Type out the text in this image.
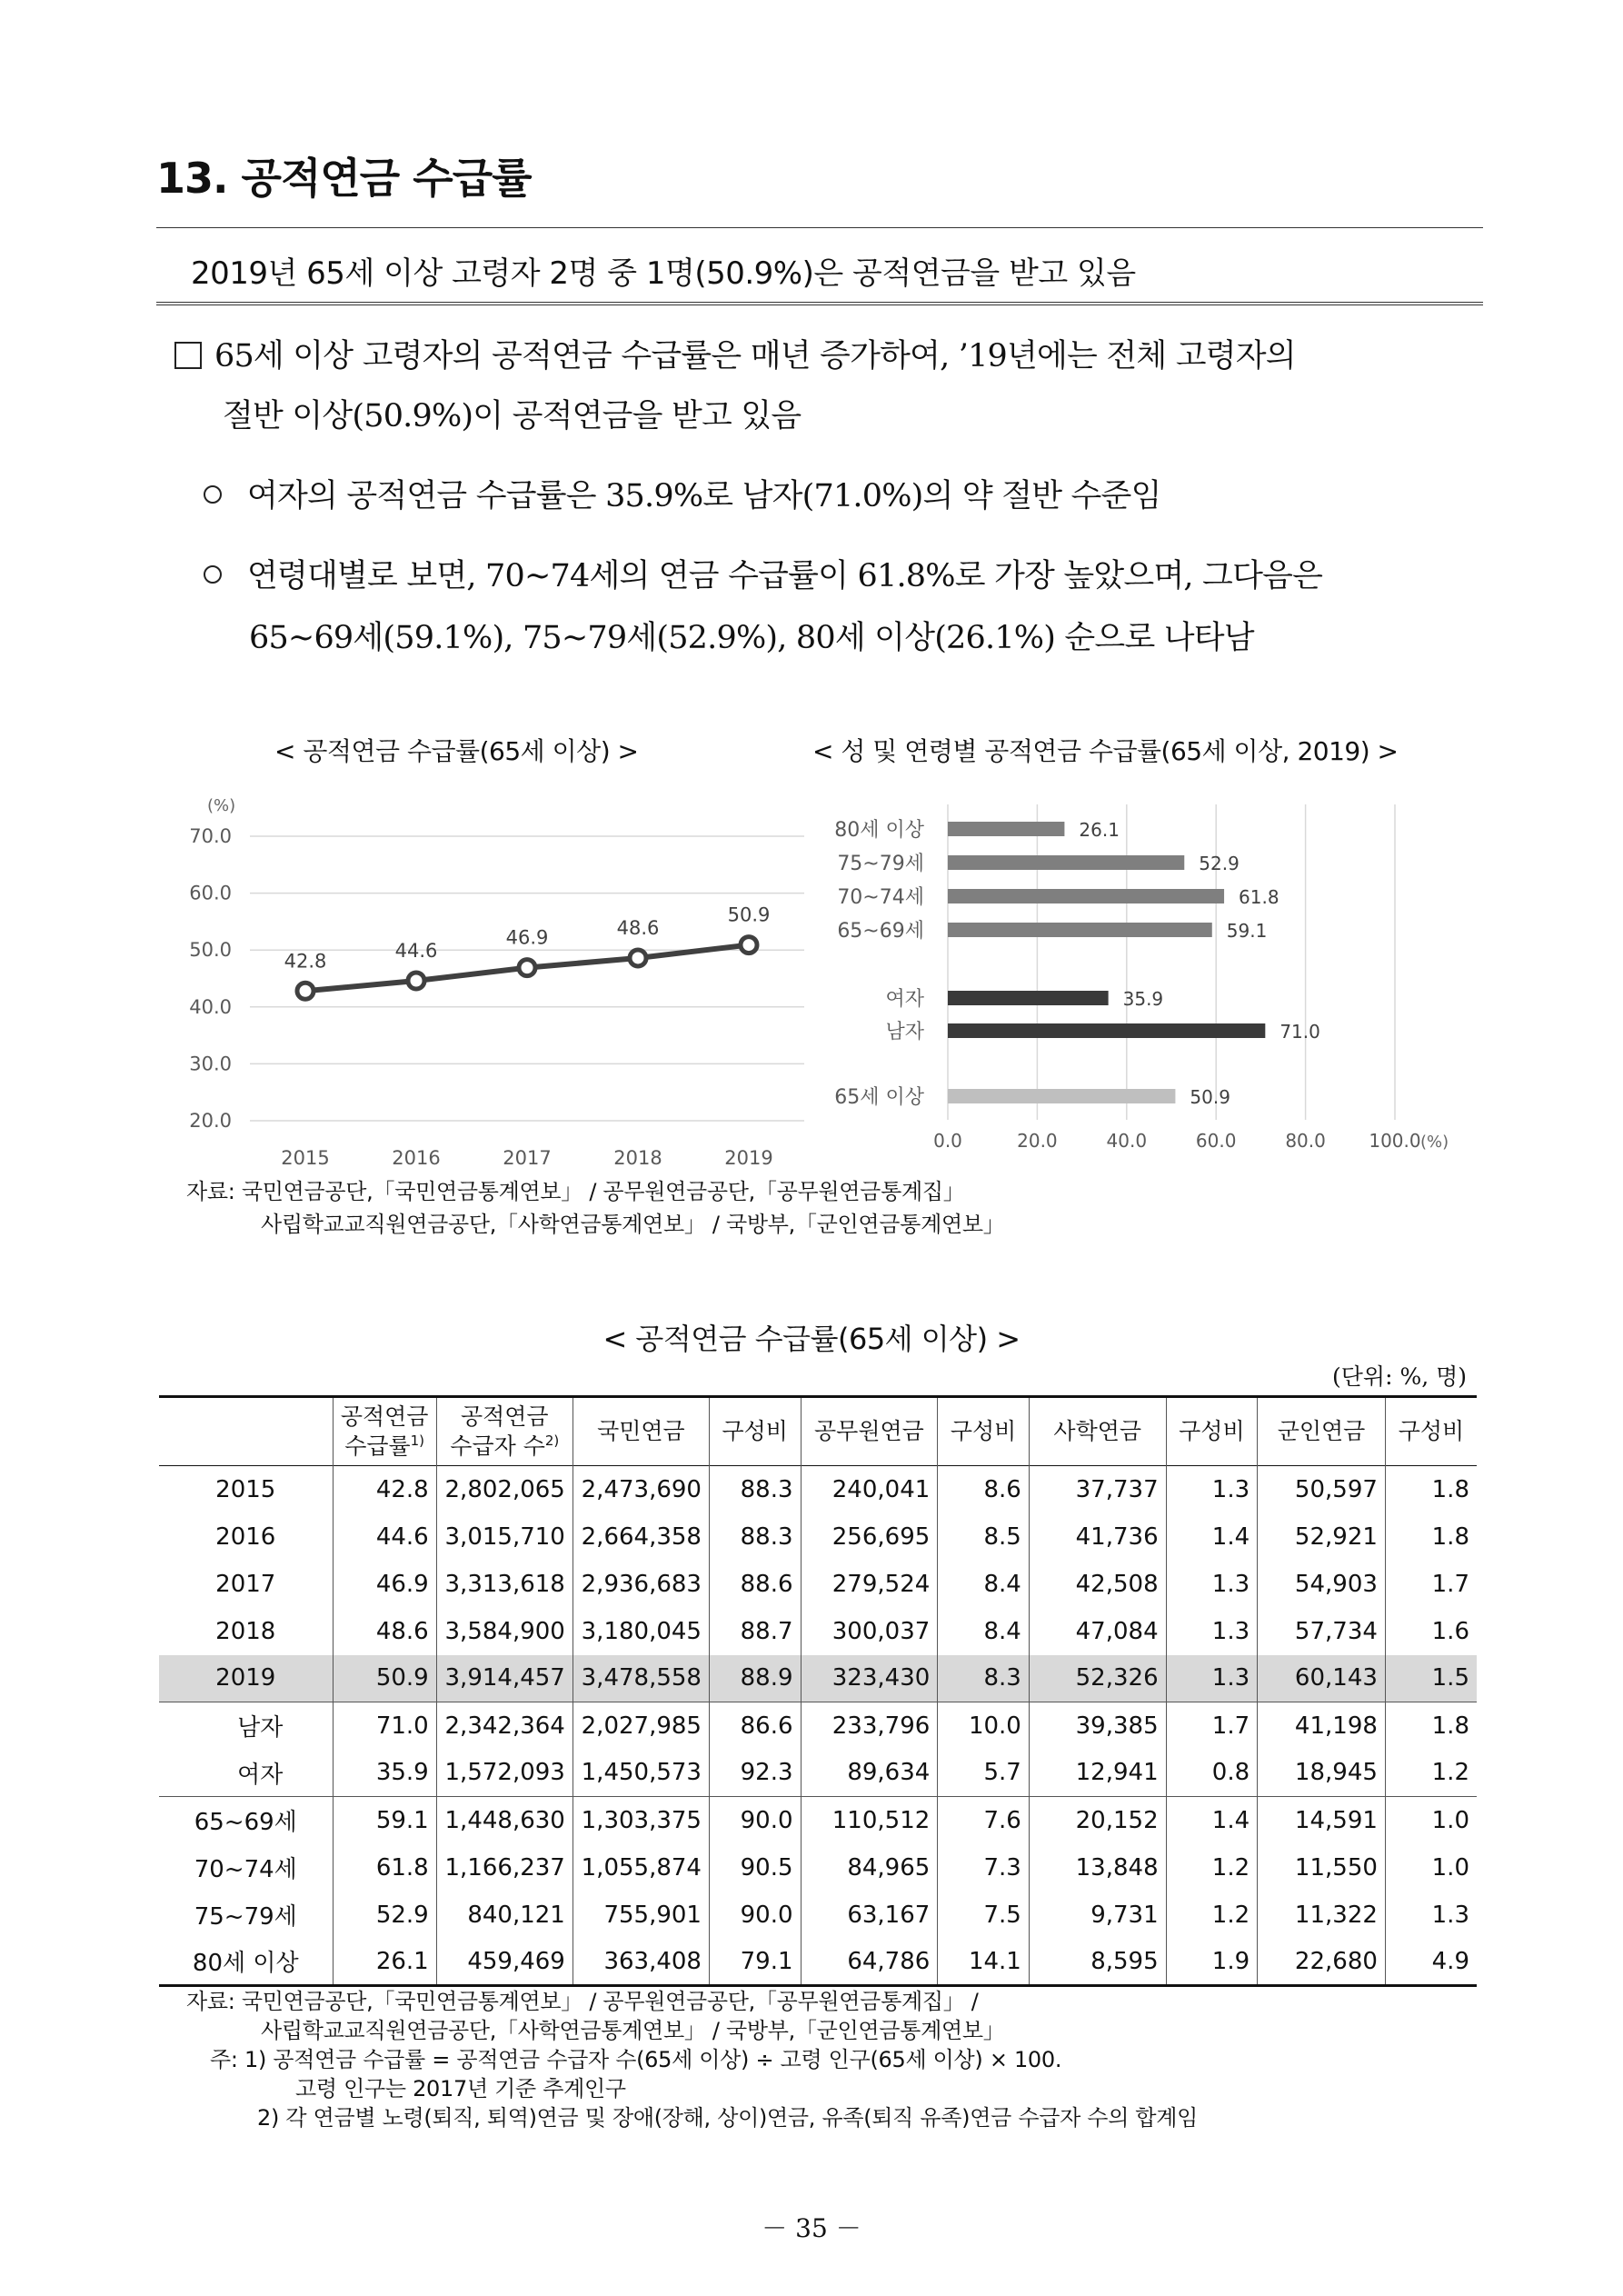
13. 공적연금 수급률
2019년 65세 이상 고령자 2명 중 1명(50.9%)은 공적연금을 받고 있음
65세 이상 고령자의 공적연금 수급률은 매년 증가하여, ’19년에는 전체 고령자의
절반 이상(50.9%)이 공적연금을 받고 있음
여자의 공적연금 수급률은 35.9%로 남자(71.0%)의 약 절반 수준임
연령대별로 보면, 70~74세의 연금 수급률이 61.8%로 가장 높았으며, 그다음은
65~69세(59.1%), 75~79세(52.9%), 80세 이상(26.1%) 순으로 나타남
< 공적연금 수급률(65세 이상) >	< 성 및 연령별 공적연금 수급률(65세 이상, 2019) >
(%)
20.0
30.0
40.0
50.0
60.0
70.0
42.8
2015
44.6
2016
46.9
2017
48.6
2018
50.9
2019
0.0	20.0	40.0	60.0	80.0 100.0 (%)
80세 이상	26.1
75~79세	52.9
70~74세	61.8
65~69세	59.1
여자	35.9
남자	71.0
65세 이상	50.9
자료: 국민연금공단,「국민연금통계연보」 / 공무원연금공단,「공무원연금통계집」
사립학교교직원연금공단,「사학연금통계연보」 / 국방부,「군인연금통계연보」
< 공적연금 수급률(65세 이상) >
(단위: %, 명)
	공적연금
수급률$^{1)}$	공적연금
수급자 수$^{2)}$	국민연금	구성비	공무원연금	구성비	사학연금	구성비	군인연금	구성비
2015	42.8	2,802,065	2,473,690	88.3	240,041	8.6	37,737	1.3	50,597	1.8
2016	44.6	3,015,710	2,664,358	88.3	256,695	8.5	41,736	1.4	52,921	1.8
2017	46.9	3,313,618	2,936,683	88.6	279,524	8.4	42,508	1.3	54,903	1.7
2018	48.6	3,584,900	3,180,045	88.7	300,037	8.4	47,084	1.3	57,734	1.6
2019	50.9	3,914,457	3,478,558	88.9	323,430	8.3	52,326	1.3	60,143	1.5
남자	71.0	2,342,364	2,027,985	86.6	233,796	10.0	39,385	1.7	41,198	1.8
여자	35.9	1,572,093	1,450,573	92.3	89,634	5.7	12,941	0.8	18,945	1.2
65~69세	59.1	1,448,630	1,303,375	90.0	110,512	7.6	20,152	1.4	14,591	1.0
70~74세	61.8	1,166,237	1,055,874	90.5	84,965	7.3	13,848	1.2	11,550	1.0
75~79세	52.9	840,121	755,901	90.0	63,167	7.5	9,731	1.2	11,322	1.3
80세 이상	26.1	459,469	363,408	79.1	64,786	14.1	8,595	1.9	22,680	4.9
자료: 국민연금공단,「국민연금통계연보」 / 공무원연금공단,「공무원연금통계집」 /
사립학교교직원연금공단,「사학연금통계연보」 / 국방부,「군인연금통계연보」
주: 1) 공적연금 수급률 = 공적연금 수급자 수(65세 이상) ÷ 고령 인구(65세 이상) × 100.
고령 인구는 2017년 기준 추계인구
2) 각 연금별 노령(퇴직, 퇴역)연금 및 장애(장해, 상이)연금, 유족(퇴직 유족)연금 수급자 수의 합계임
－ 35 －
